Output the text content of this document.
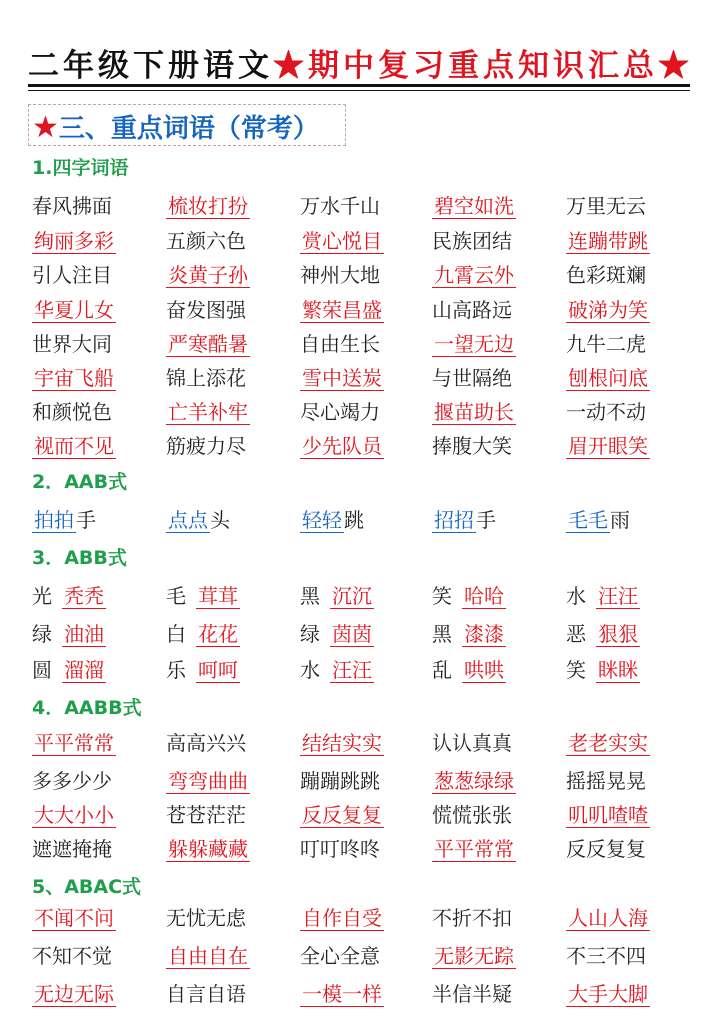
二年级下册语文★期中复习重点知识汇总★
★三、重点词语（常考）
1.四字词语
春风拂面	梳妆打扮	万水千山	碧空如洗	万里无云
绚丽多彩	五颜六色	赏心悦目	民族团结	连蹦带跳
引人注目	炎黄子孙	神州大地	九霄云外	色彩斑斓
华夏儿女	奋发图强	繁荣昌盛	山高路远	破涕为笑
世界大同	严寒酷暑	自由生长	一望无边	九牛二虎
宇宙飞船	锦上添花	雪中送炭	与世隔绝	刨根问底
和颜悦色	亡羊补牢	尽心竭力	揠苗助长	一动不动
视而不见	筋疲力尽	少先队员	捧腹大笑	眉开眼笑
2．AAB式
拍拍 手	点点 头	轻轻 跳	招招 手	毛毛 雨
3．ABB式
光 秃秃	毛 茸茸	黑 沉沉	笑 哈哈	水 汪汪
绿 油油	白 花花	绿 茵茵	黑 漆漆	恶 狠狠
圆 溜溜	乐 呵呵	水 汪汪	乱 哄哄	笑 眯眯
4．AABB式
平平常常	高高兴兴	结结实实	认认真真	老老实实
多多少少	弯弯曲曲	蹦蹦跳跳	葱葱绿绿	摇摇晃晃
大大小小	苍苍茫茫	反反复复	慌慌张张	叽叽喳喳
遮遮掩掩	躲躲藏藏	叮叮咚咚	平平常常	反反复复
5、ABAC式
不闻不问	无忧无虑	自作自受	不折不扣	人山人海
不知不觉	自由自在	全心全意	无影无踪	不三不四
无边无际	自言自语	一模一样	半信半疑	大手大脚
